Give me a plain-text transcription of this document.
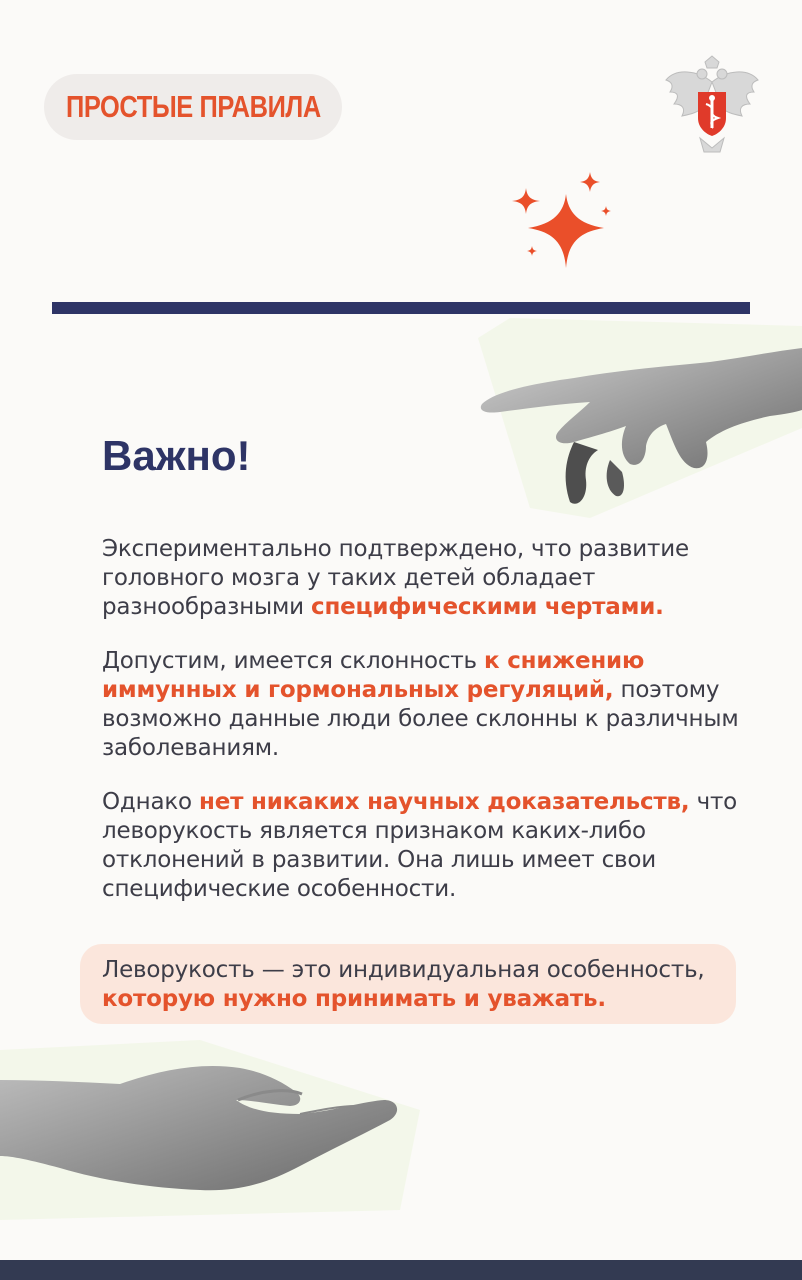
ПРОСТЫЕ ПРАВИЛА
Важно!

Экспериментально подтверждено, что развитие головного мозга у таких детей обладает разнообразными специфическими чертами.

Допустим, имеется склонность к снижению иммунных и гормональных регуляций, поэтому возможно данные люди более склонны к различным заболеваниям.

Однако нет никаких научных доказательств, что леворукость является признаком каких-либо отклонений в развитии. Она лишь имеет свои специфические особенности.

Леворукость — это индивидуальная особенность, которую нужно принимать и уважать.
